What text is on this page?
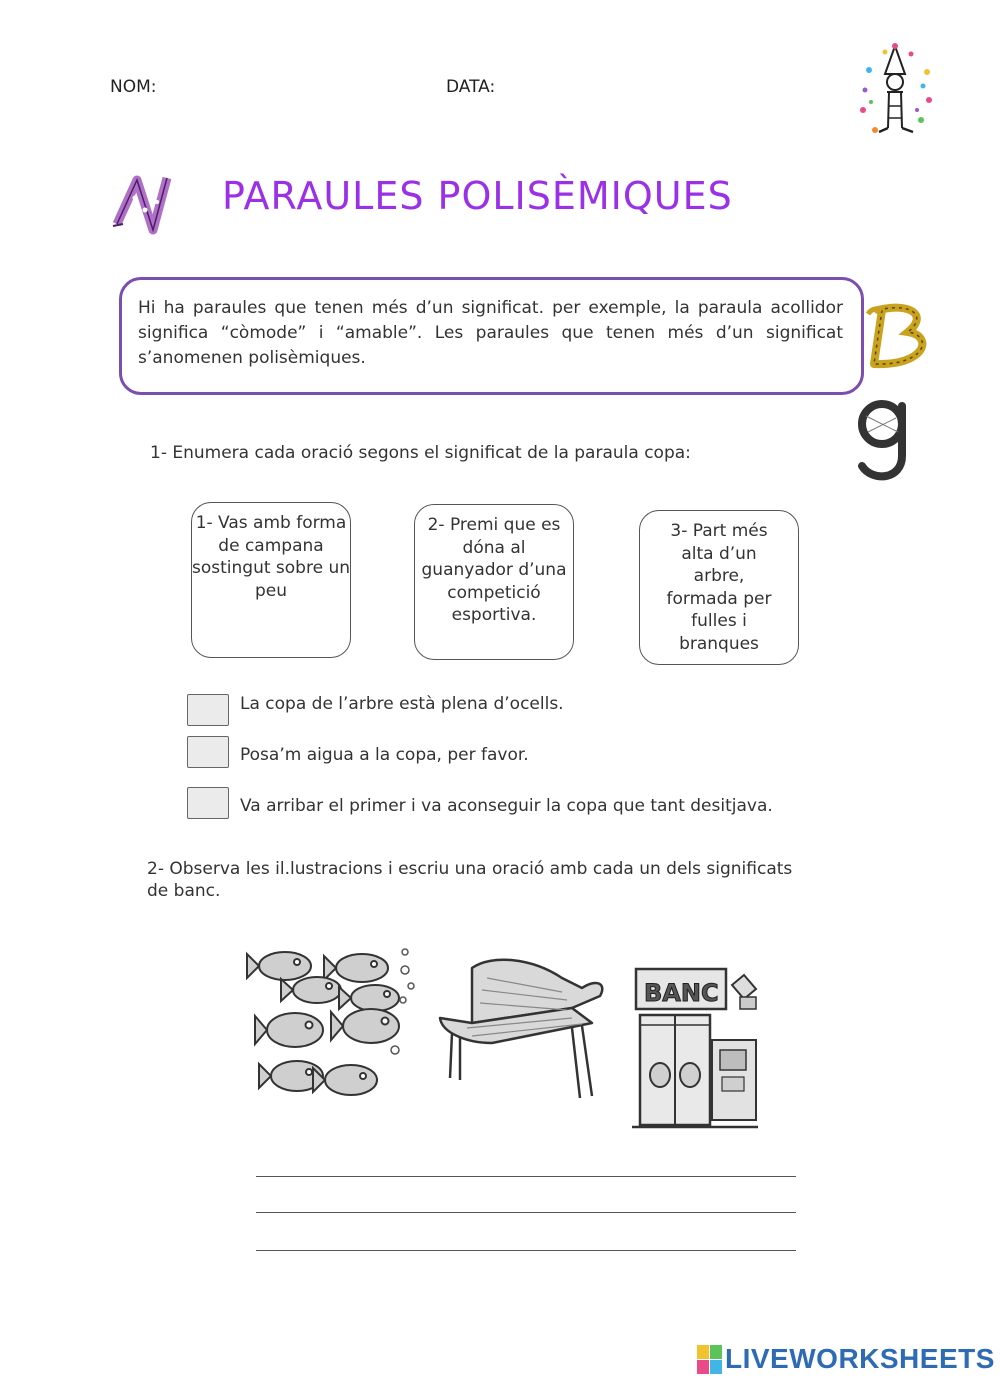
NOM:	DATA:
PARAULES POLISÈMIQUES
Hi ha paraules que tenen més d’un significat. per exemple, la paraula acollidor significa “còmode” i “amable”. Les paraules que tenen més d’un significat s’anomenen polisèmiques.
1- Enumera cada oració segons el significat de la paraula copa:
1- Vas amb forma de campana sostingut sobre un peu
2- Premi que es dóna al guanyador d’una competició esportiva.
3- Part més alta d’un arbre, formada per fulles i branques
La copa de l’arbre està plena d’ocells.
Posa’m aigua a la copa, per favor.
Va arribar el primer i va aconseguir la copa que tant desitjava.
2- Observa les il.lustracions i escriu una oració amb cada un dels significats de banc.
BANC
LIVEWORKSHEETS
